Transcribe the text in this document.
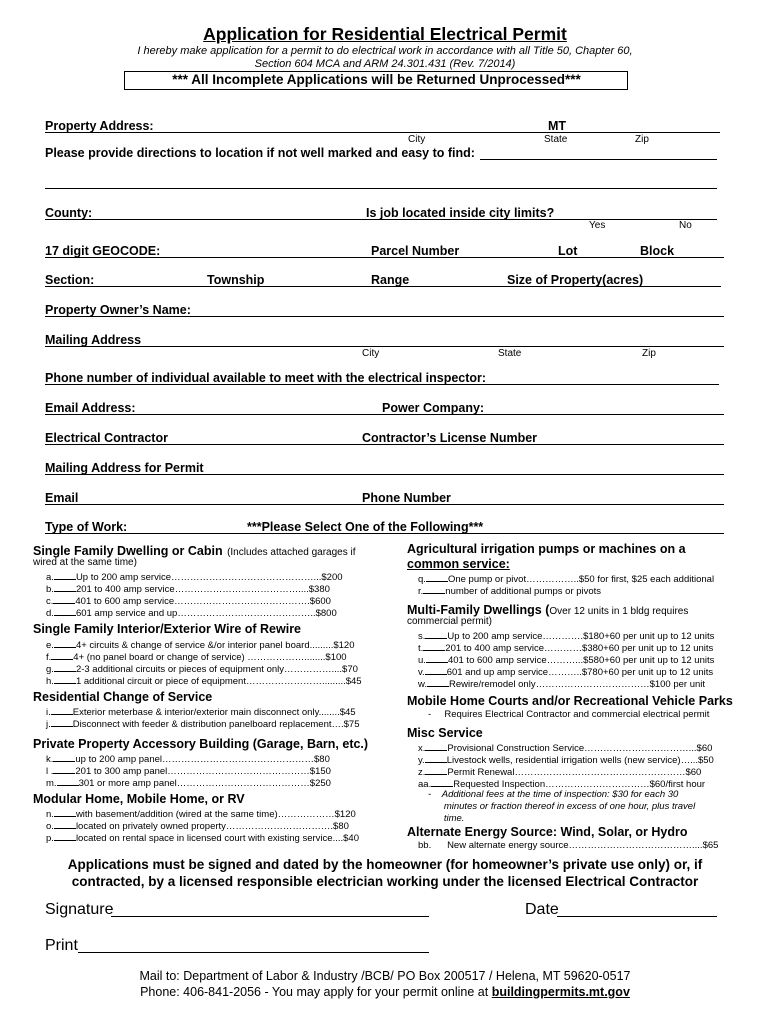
Application for Residential Electrical Permit
I hereby make application for a permit to do electrical work in accordance with all Title 50, Chapter 60,
Section 604 MCA and ARM 24.301.431 (Rev. 7/2014)
*** All Incomplete Applications will be Returned Unprocessed***
Property Address:	MT
City	State	Zip
Please provide directions to location if not well marked and easy to find:
County:	Is job located inside city limits?
Yes	No
17 digit GEOCODE:	Parcel Number	Lot	Block
Section:	Township	Range	Size of Property(acres)
Property Owner’s Name:
Mailing Address
City	State	Zip
Phone number of individual available to meet with the electrical inspector:
Email Address:	Power Company:
Electrical Contractor	Contractor’s License Number
Mailing Address for Permit
Email	Phone Number
Type of Work:	***Please Select One of the Following***
Single Family Dwelling or Cabin (Includes attached garages if
wired at the same time)
a. Up to 200 amp service………………………………………...$200
b. 201 to 400 amp service…………………………………....$380
c. 401 to 600 amp service…………………………………….$600
d. 601 amp service and up……………………………………..$800
Single Family Interior/Exterior Wire of Rewire
e. 4+ circuits & change of service &/or interior panel board.........$120
f. 4+ (no panel board or change of service) ………………........$100
g. 2-3 additional circuits or pieces of equipment only……………....$70
h. 1 additional circuit or piece of equipment…………………….........$45
Residential Change of Service
i. Exterior meterbase & interior/exterior main disconnect only........$45
j. Disconnect with feeder & distribution panelboard replacement….$75
Private Property Accessory Building (Garage, Barn, etc.)
k. up to 200 amp panel…………………………………………$80
l . 201 to 300 amp panel………………………………………$150
m. 301 or more amp panel……………………………………$250
Modular Home, Mobile Home, or RV
n. with basement/addition (wired at the same time)………………$120
o. located on privately owned property…………………………….$80
p. located on rental space in licensed court with existing service....$40
Agricultural irrigation pumps or machines on a
common service:
q. One pump or pivot……………..$50 for first, $25 each additional
r. number of additional pumps or pivots
Multi-Family Dwellings (Over 12 units in 1 bldg requires
commercial permit)
s. Up to 200 amp service………….$180+60 per unit up to 12 units
t. 201 to 400 amp service…………$380+60 per unit up to 12 units
u. 401 to 600 amp service………...$580+60 per unit up to 12 units
v. 601 and up amp service………..$780+60 per unit up to 12 units
w. Rewire/remodel only………………………………$100 per unit
Mobile Home Courts and/or Recreational Vehicle Parks
-     Requires Electrical Contractor and commercial electrical permit
Misc Service
x. Provisional Construction Service……………………………...$60
y. Livestock wells, residential irrigation wells (new service)…...$50
z. Permit Renewal………………………………………………$60
aa. Requested Inspection……………………………$60/first hour
-    Additional fees at the time of inspection: $30 for each 30
minutes or fraction thereof in excess of one hour, plus travel
time.
Alternate Energy Source: Wind, Solar, or Hydro
bb. New alternate energy source…………………………………....$65
Applications must be signed and dated by the homeowner (for homeowner’s private use only) or, if
contracted, by a licensed responsible electrician working under the licensed Electrical Contractor
Signature	Date
Print
Mail to: Department of Labor & Industry /BCB/ PO Box 200517 / Helena, MT 59620-0517
Phone: 406-841-2056 - You may apply for your permit online at buildingpermits.mt.gov
